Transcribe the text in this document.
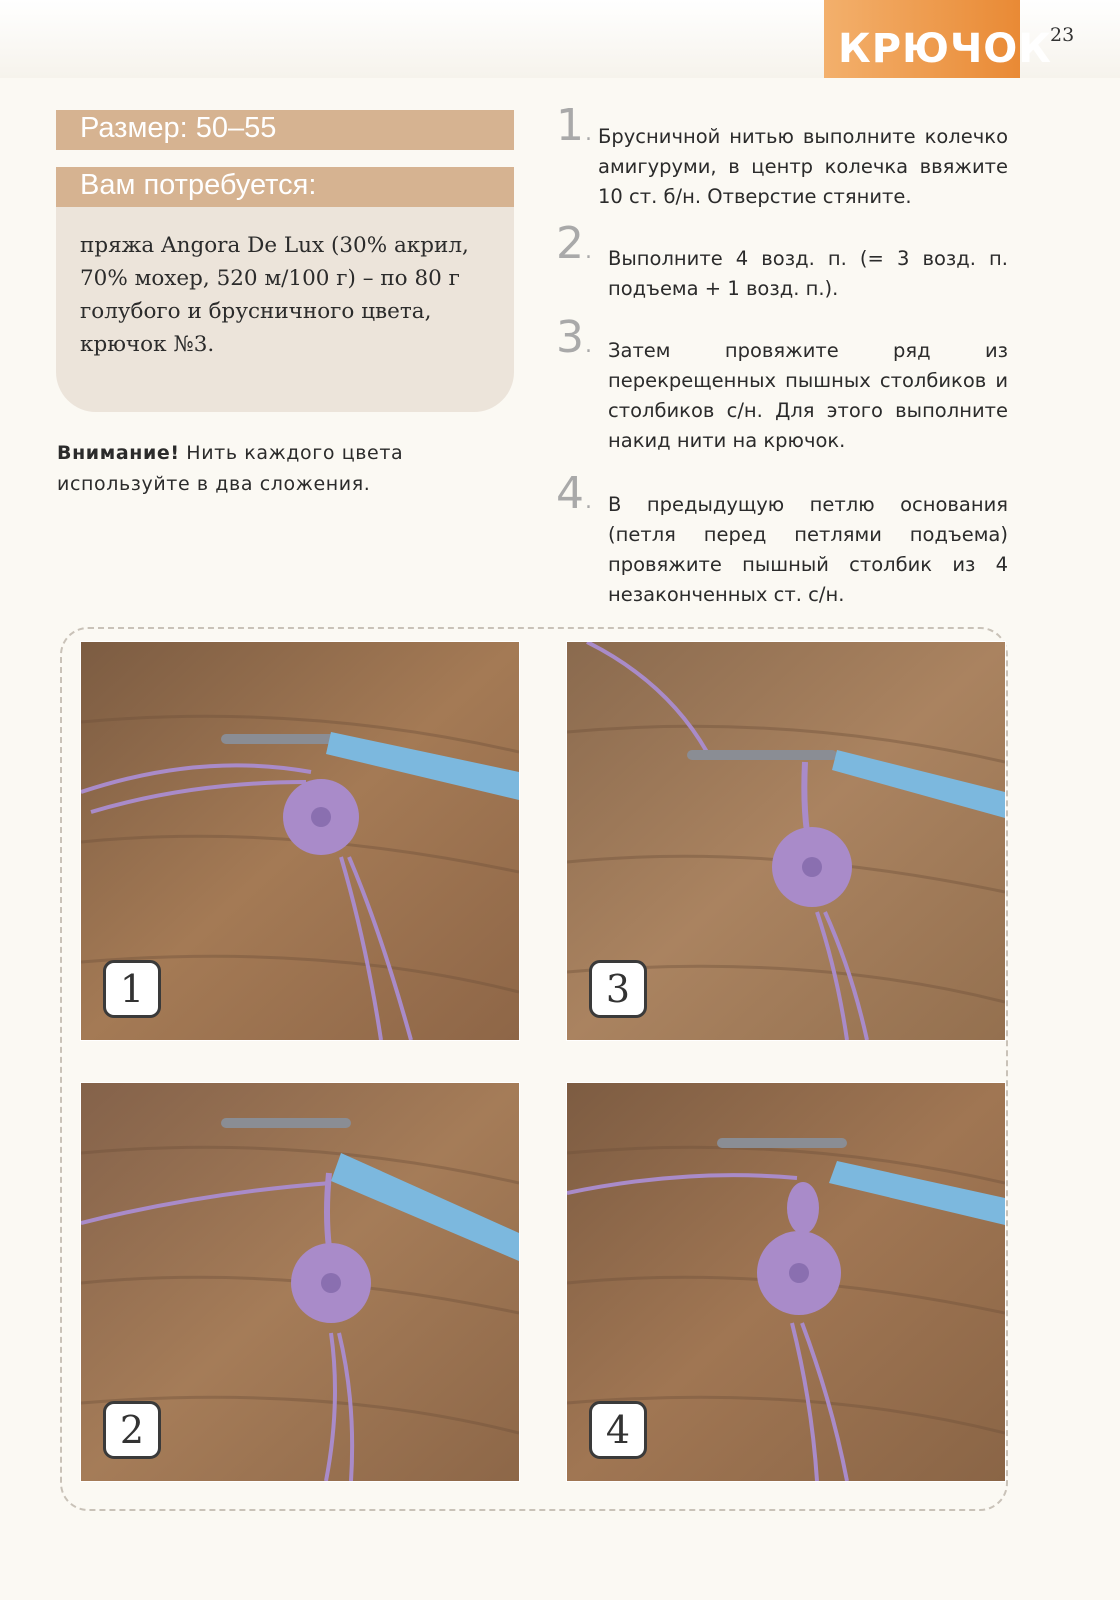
КРЮЧОК
23
Размер: 50–55
Вам потребуется:
пряжа Angora De Lux (30% акрил, 70% мохер, 520 м/100 г) – по 80 г голубого и брусничного цвета, крючок №3.
Внимание! Нить каждого цвета используйте в два сложения.
1 . Брусничной нитью выполните колечко амигуруми, в центр колечка ввяжите 10 ст. б/н. Отверстие стяните.
2 .	Выполните 4 возд. п. (= 3 возд. п. подъема + 1 возд. п.).
3 .	Затем провяжите ряд из перекрещенных пышных столбиков и столбиков с/н. Для этого выполните накид нити на крючок.
4 .	В предыдущую петлю основания (петля перед петлями подъема) провяжите пышный столбик из 4 незаконченных ст. с/н.
1	3
2	4
